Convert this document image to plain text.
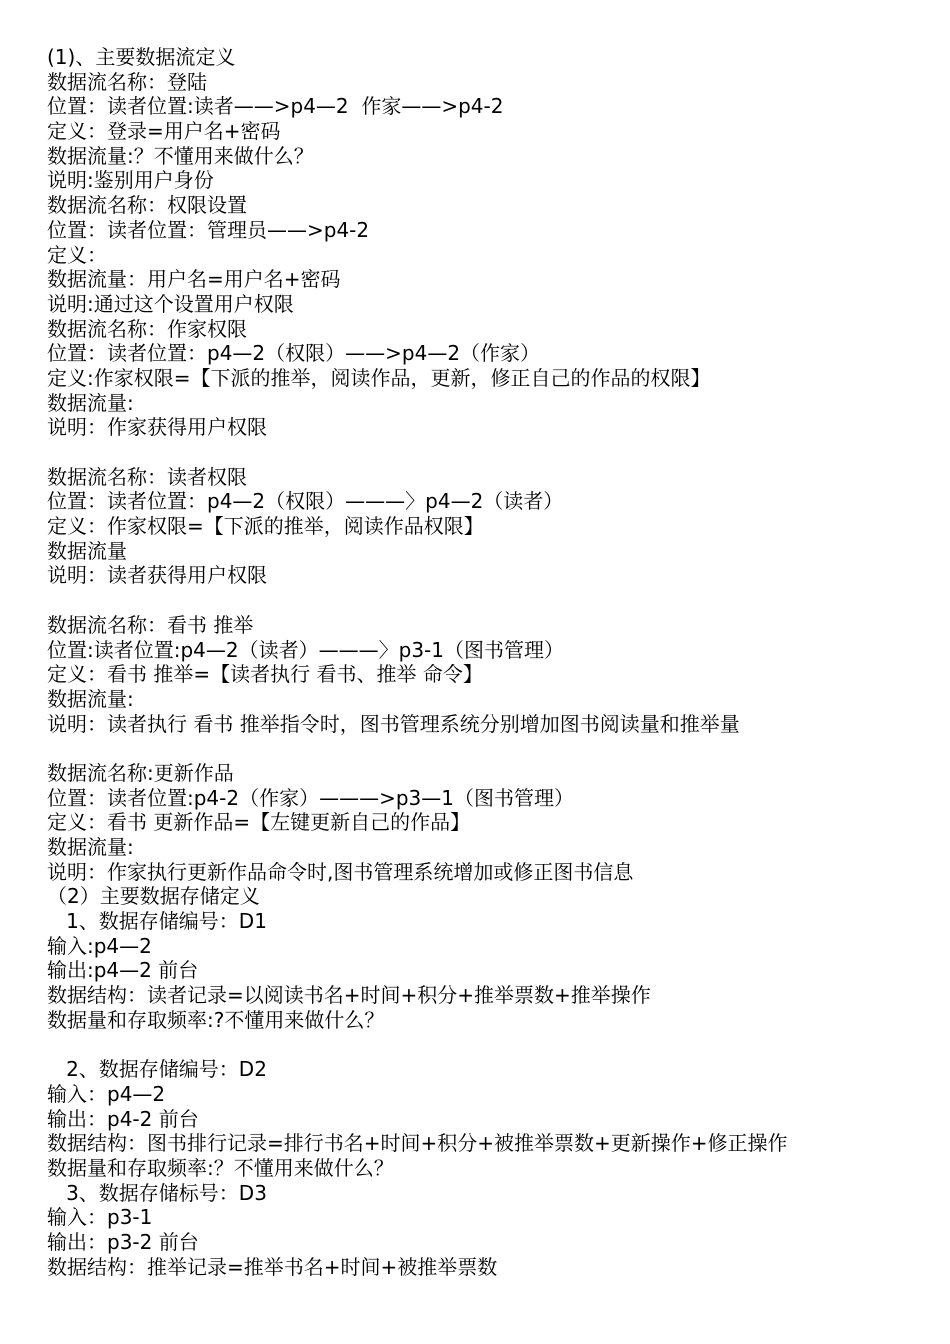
(1)、主要数据流定义
数据流名称：登陆
位置：读者位置:读者——>p4—2  作家——>p4-2
定义：登录=用户名+密码
数据流量:？不懂用来做什么？
说明:鉴别用户身份
数据流名称：权限设置
位置：读者位置：管理员——>p4-2
定义：
数据流量：用户名=用户名+密码
说明:通过这个设置用户权限
数据流名称：作家权限
位置：读者位置：p4—2（权限）——>p4—2（作家）
定义:作家权限=【下派的推举，阅读作品，更新，修正自己的作品的权限】
数据流量:
说明：作家获得用户权限
数据流名称：读者权限
位置：读者位置：p4—2（权限）———〉p4—2（读者）
定义：作家权限=【下派的推举，阅读作品权限】
数据流量
说明：读者获得用户权限
数据流名称：看书 推举
位置:读者位置:p4—2（读者）———〉p3-1（图书管理）
定义：看书 推举=【读者执行 看书、推举 命令】
数据流量:
说明：读者执行 看书 推举指令时，图书管理系统分别增加图书阅读量和推举量
数据流名称:更新作品
位置：读者位置:p4-2（作家）———>p3—1（图书管理）
定义：看书 更新作品=【左键更新自己的作品】
数据流量:
说明：作家执行更新作品命令时,图书管理系统增加或修正图书信息
（2）主要数据存储定义
1、数据存储编号：D1
输入:p4—2
输出:p4—2 前台
数据结构：读者记录=以阅读书名+时间+积分+推举票数+推举操作
数据量和存取频率:?不懂用来做什么？
2、数据存储编号：D2
输入：p4—2
输出：p4-2 前台
数据结构：图书排行记录=排行书名+时间+积分+被推举票数+更新操作+修正操作
数据量和存取频率:？不懂用来做什么？
3、数据存储标号：D3
输入：p3-1
输出：p3-2 前台
数据结构：推举记录=推举书名+时间+被推举票数
